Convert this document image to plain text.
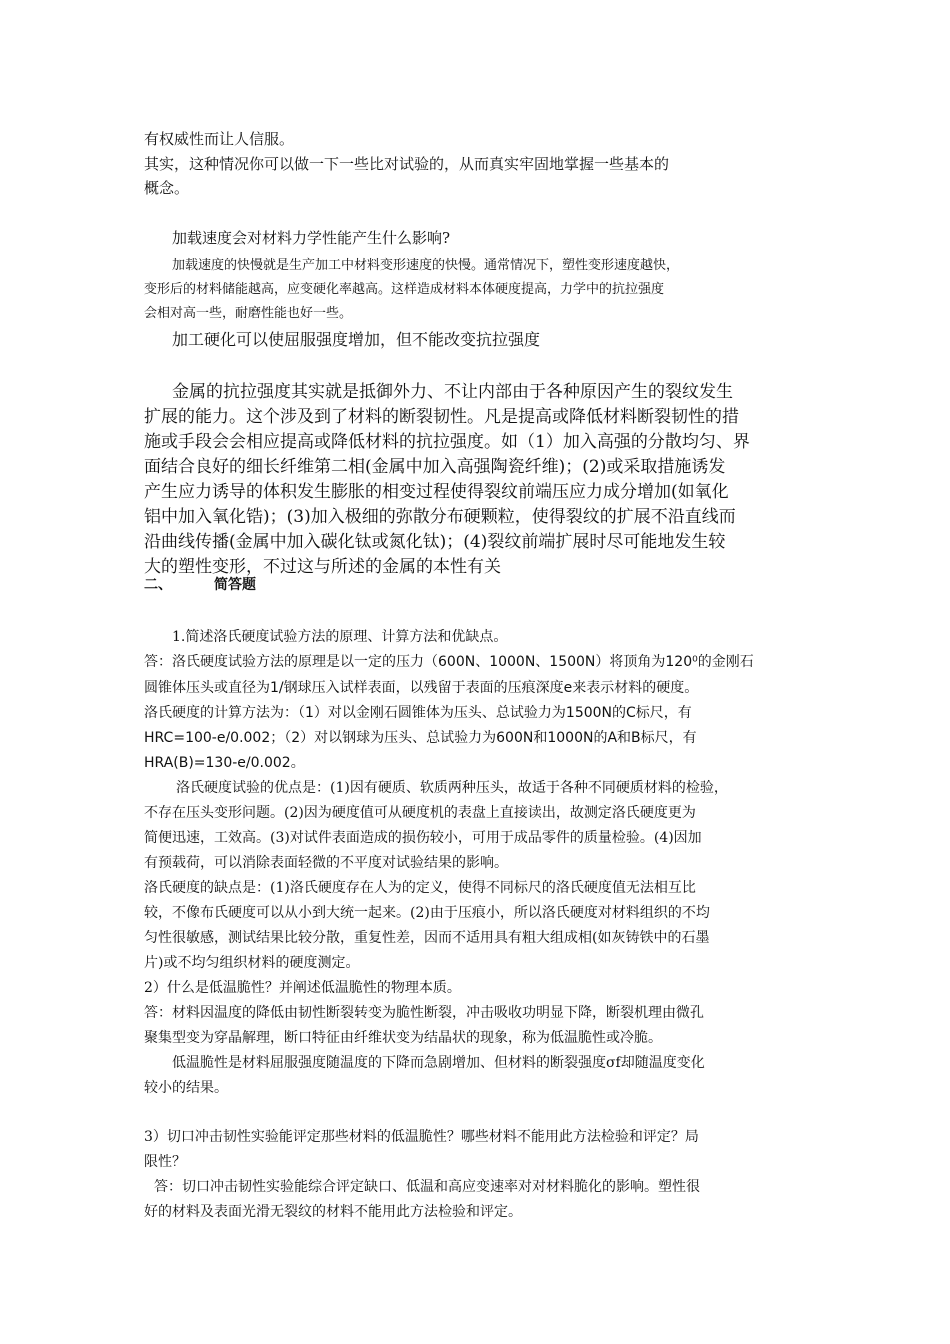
有权威性而让人信服。
其实，这种情况你可以做一下一些比对试验的，从而真实牢固地掌握一些基本的
概念。
加载速度会对材料力学性能产生什么影响?
加载速度的快慢就是生产加工中材料变形速度的快慢。通常情况下，塑性变形速度越快，
变形后的材料储能越高，应变硬化率越高。这样造成材料本体硬度提高，力学中的抗拉强度
会相对高一些，耐磨性能也好一些。
加工硬化可以使屈服强度增加，但不能改变抗拉强度
金属的抗拉强度其实就是抵御外力、不让内部由于各种原因产生的裂纹发生
扩展的能力。这个涉及到了材料的断裂韧性。凡是提高或降低材料断裂韧性的措
施或手段会会相应提高或降低材料的抗拉强度。如（1）加入高强的分散均匀、界
面结合良好的细长纤维第二相(金属中加入高强陶瓷纤维)；(2)或采取措施诱发
产生应力诱导的体积发生膨胀的相变过程使得裂纹前端压应力成分增加(如氧化
铝中加入氧化锆)；(3)加入极细的弥散分布硬颗粒，使得裂纹的扩展不沿直线而
沿曲线传播(金属中加入碳化钛或氮化钛)；(4)裂纹前端扩展时尽可能地发生较
大的塑性变形，不过这与所述的金属的本性有关
二、	简答题
1.简述洛氏硬度试验方法的原理、计算方法和优缺点。
答：洛氏硬度试验方法的原理是以一定的压力（600N、1000N、1500N）将顶角为120⁰的金刚石
圆锥体压头或直径为1/钢球压入试样表面，以残留于表面的压痕深度e来表示材料的硬度。
洛氏硬度的计算方法为：（1）对以金刚石圆锥体为压头、总试验力为1500N的C标尺，有
HRC=100-e/0.002；（2）对以钢球为压头、总试验力为600N和1000N的A和B标尺，有
HRA(B)=130-e/0.002。
洛氏硬度试验的优点是：(1)因有硬质、软质两种压头，故适于各种不同硬质材料的检验，
不存在压头变形问题。(2)因为硬度值可从硬度机的表盘上直接读出，故测定洛氏硬度更为
简便迅速，工效高。(3)对试件表面造成的损伤较小，可用于成品零件的质量检验。(4)因加
有预载荷，可以消除表面轻微的不平度对试验结果的影响。
洛氏硬度的缺点是：(1)洛氏硬度存在人为的定义，使得不同标尺的洛氏硬度值无法相互比
较，不像布氏硬度可以从小到大统一起来。(2)由于压痕小，所以洛氏硬度对材料组织的不均
匀性很敏感，测试结果比较分散，重复性差，因而不适用具有粗大组成相(如灰铸铁中的石墨
片)或不均匀组织材料的硬度测定。
2）什么是低温脆性？并阐述低温脆性的物理本质。
答：材料因温度的降低由韧性断裂转变为脆性断裂，冲击吸收功明显下降，断裂机理由微孔
聚集型变为穿晶解理，断口特征由纤维状变为结晶状的现象，称为低温脆性或冷脆。
低温脆性是材料屈服强度随温度的下降而急剧增加、但材料的断裂强度σf却随温度变化
较小的结果。
3）切口冲击韧性实验能评定那些材料的低温脆性？哪些材料不能用此方法检验和评定？局
限性？
答：切口冲击韧性实验能综合评定缺口、低温和高应变速率对对材料脆化的影响。塑性很
好的材料及表面光滑无裂纹的材料不能用此方法检验和评定。
